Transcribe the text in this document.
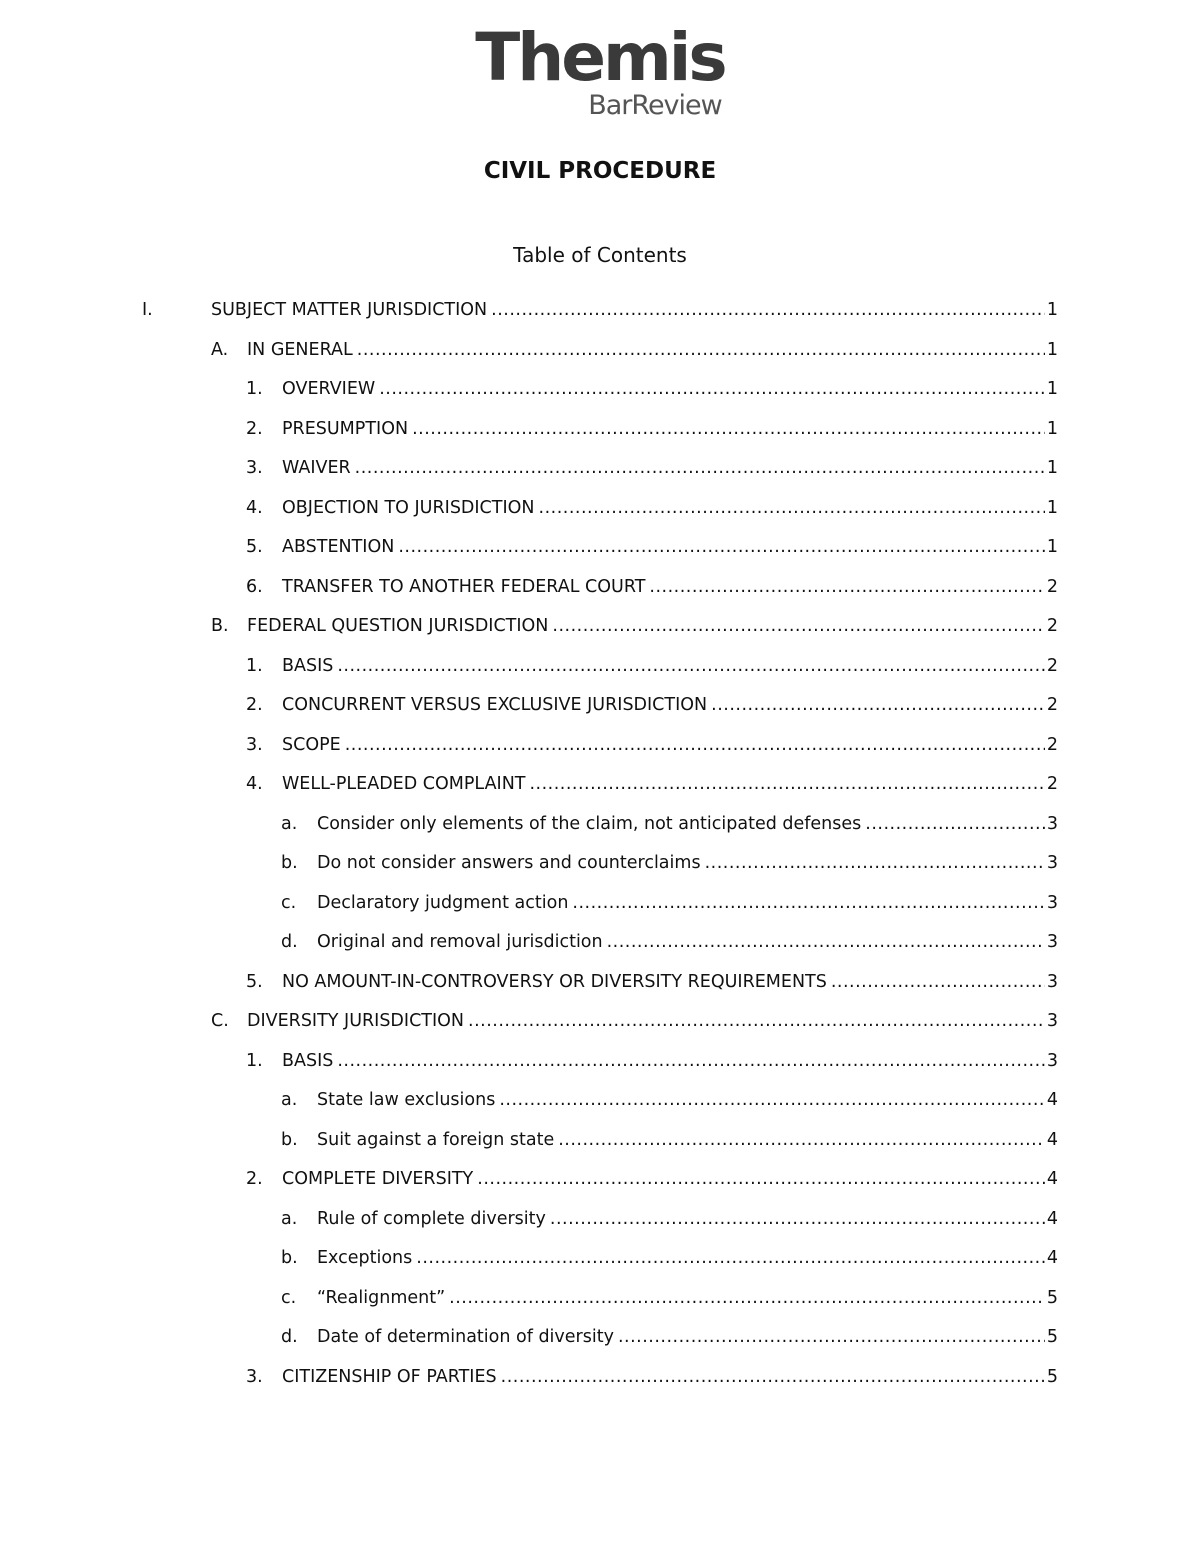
Themis
BarReview
CIVIL PROCEDURE
Table of Contents
I.	SUBJECT MATTER JURISDICTION .....	1
A.	IN GENERAL .....	1
1.	OVERVIEW .....	1
2.	PRESUMPTION .....	1
3.	WAIVER .....	1
4.	OBJECTION TO JURISDICTION .....	1
5.	ABSTENTION .....	1
6.	TRANSFER TO ANOTHER FEDERAL COURT .....	2
B.	FEDERAL QUESTION JURISDICTION .....	2
1.	BASIS .....	2
2.	CONCURRENT VERSUS EXCLUSIVE JURISDICTION .....	2
3.	SCOPE .....	2
4.	WELL-PLEADED COMPLAINT .....	2
a.	Consider only elements of the claim, not anticipated defenses .....	3
b.	Do not consider answers and counterclaims .....	3
c.	Declaratory judgment action .....	3
d.	Original and removal jurisdiction .....	3
5.	NO AMOUNT-IN-CONTROVERSY OR DIVERSITY REQUIREMENTS .....	3
C.	DIVERSITY JURISDICTION .....	3
1.	BASIS .....	3
a.	State law exclusions .....	4
b.	Suit against a foreign state .....	4
2.	COMPLETE DIVERSITY .....	4
a.	Rule of complete diversity .....	4
b.	Exceptions .....	4
c.	“Realignment” .....	5
d.	Date of determination of diversity .....	5
3.	CITIZENSHIP OF PARTIES .....	5
